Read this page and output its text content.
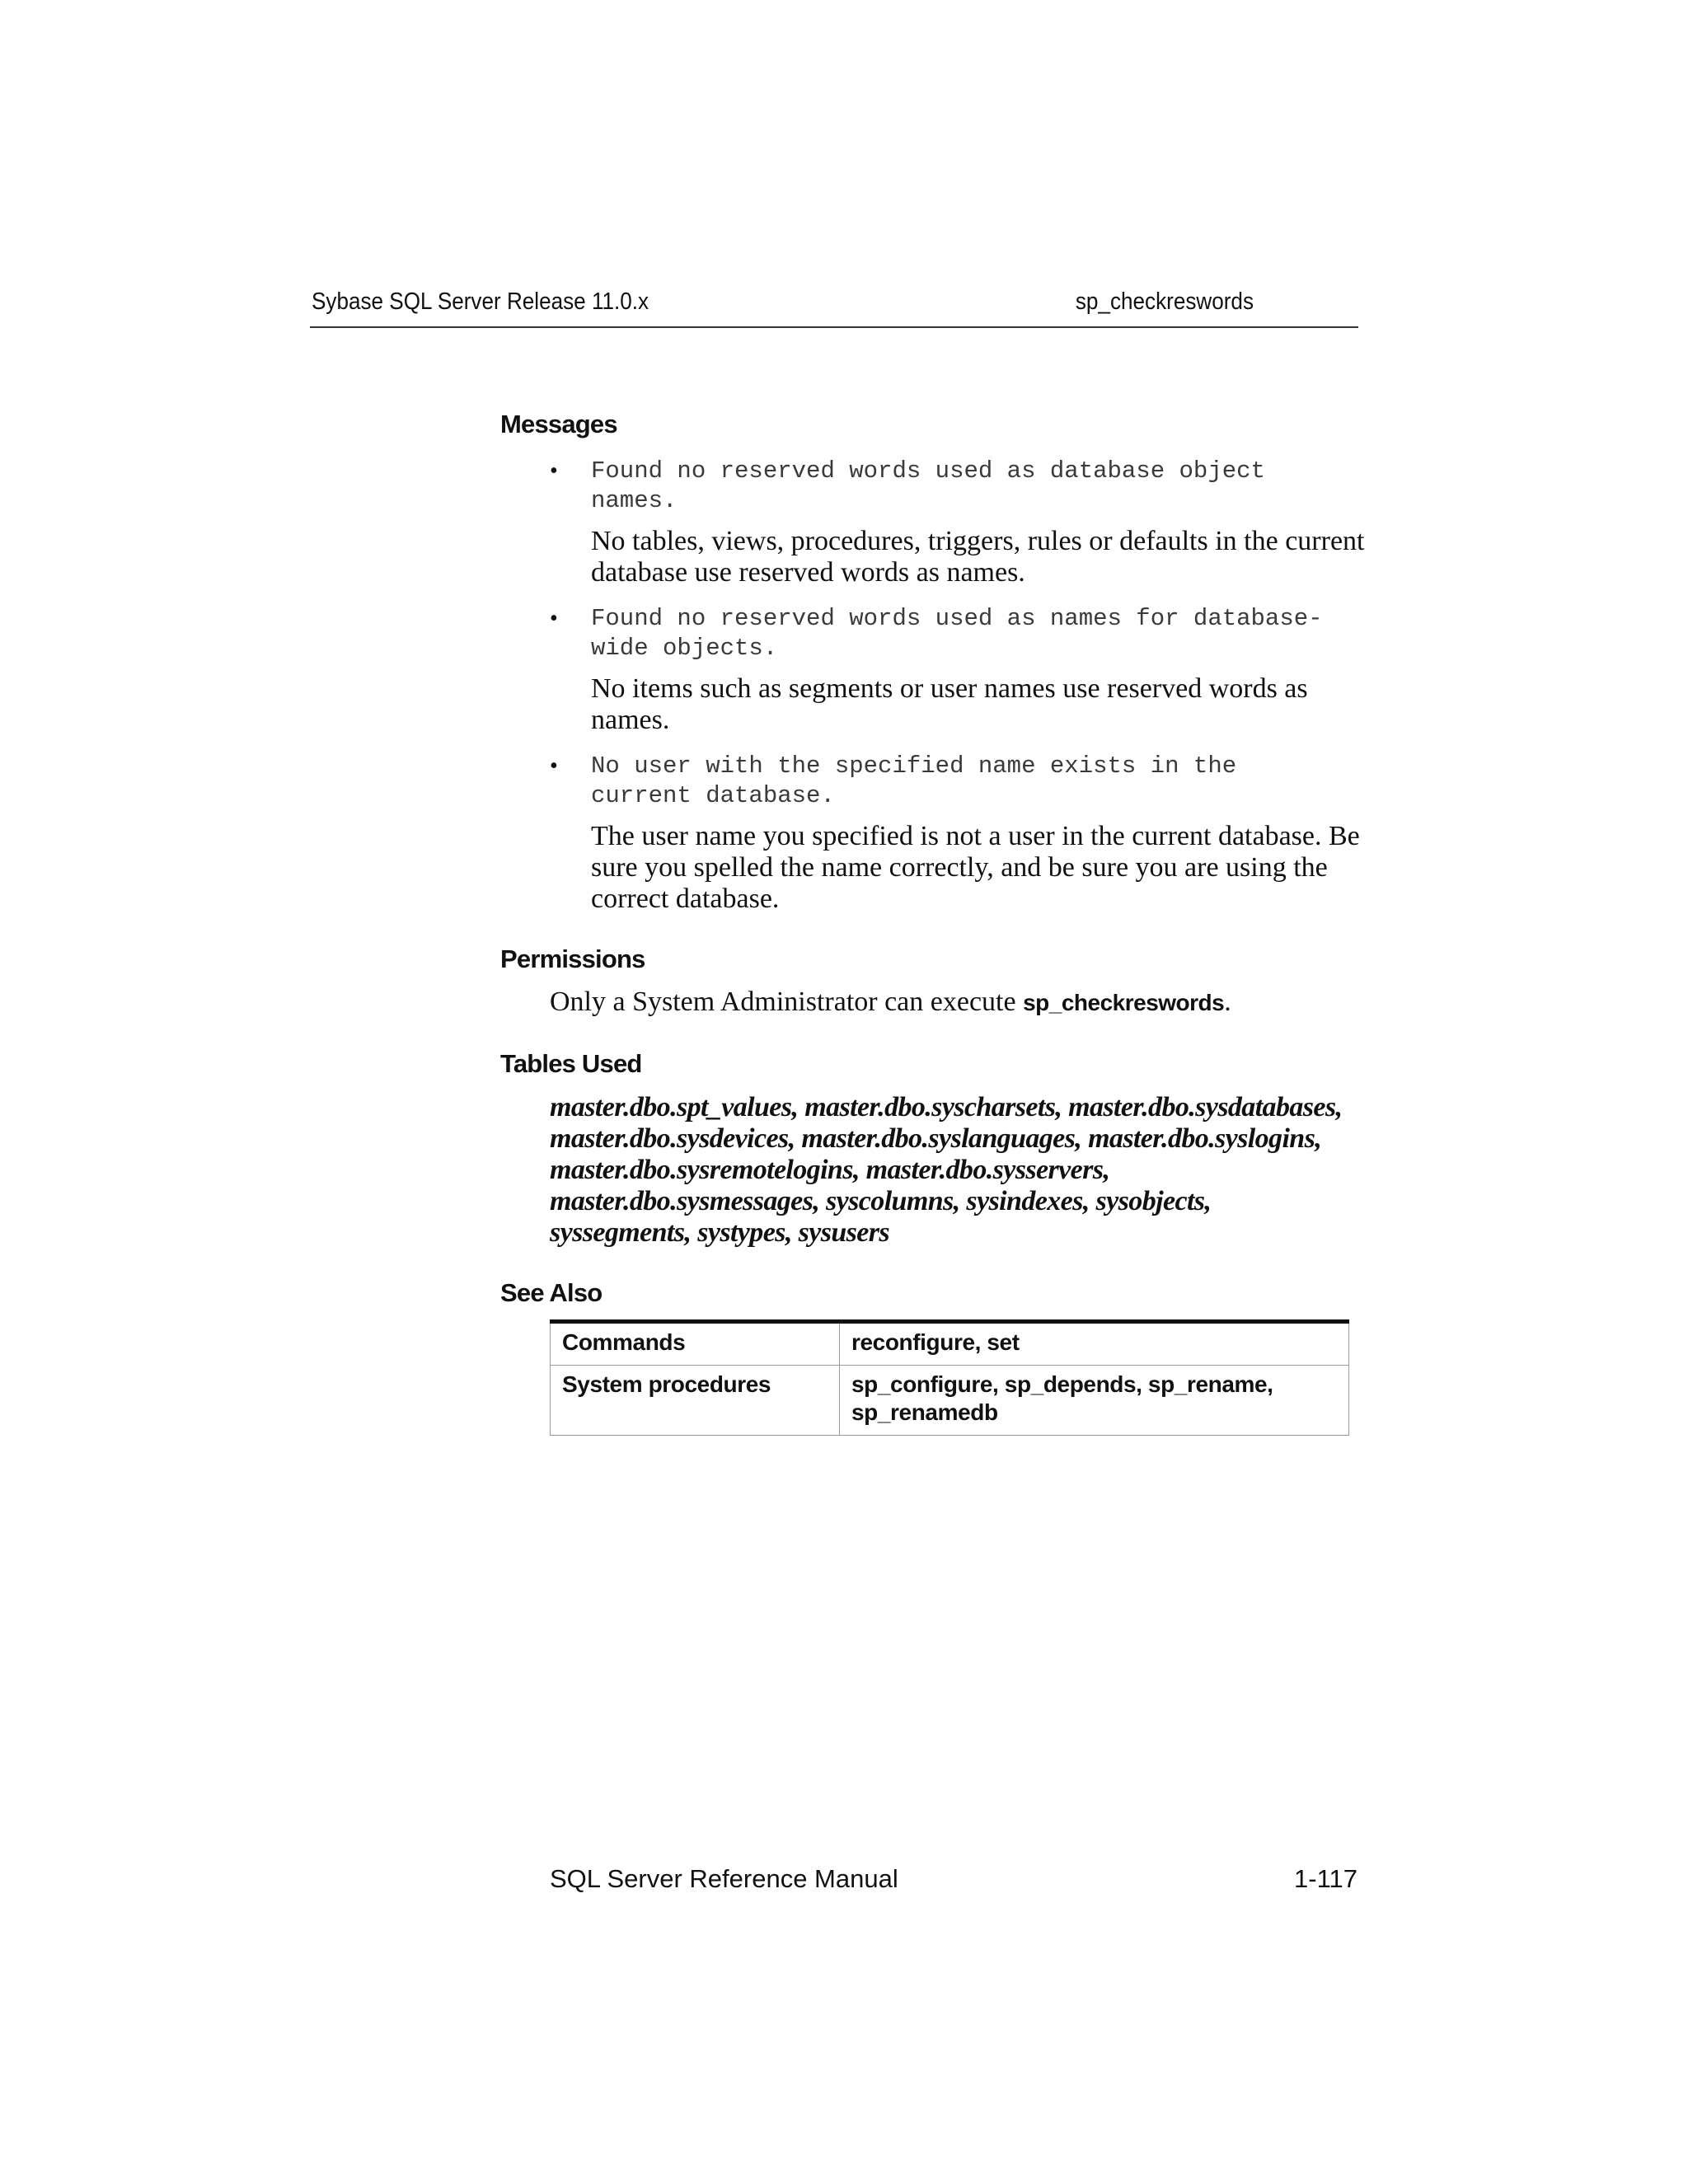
Sybase SQL Server Release 11.0.x	sp_checkreswords
Messages
• Found no reserved words used as database object
names.

No tables, views, procedures, triggers, rules or defaults in the current database use reserved words as names.

• Found no reserved words used as names for database-
wide objects.

No items such as segments or user names use reserved words as names.

• No user with the specified name exists in the
current database.

The user name you specified is not a user in the current database. Be sure you spelled the name correctly, and be sure you are using the correct database.

Permissions

Only a System Administrator can execute sp_checkreswords.

Tables Used

master.dbo.spt_values, master.dbo.syscharsets, master.dbo.sysdatabases, master.dbo.sysdevices, master.dbo.syslanguages, master.dbo.syslogins, master.dbo.sysremotelogins, master.dbo.sysservers, master.dbo.sysmessages, syscolumns, sysindexes, sysobjects, syssegments, systypes, sysusers

See Also
Commands	reconfigure, set
System procedures	sp_configure, sp_depends, sp_rename, sp_renamedb
SQL Server Reference Manual	1-117
